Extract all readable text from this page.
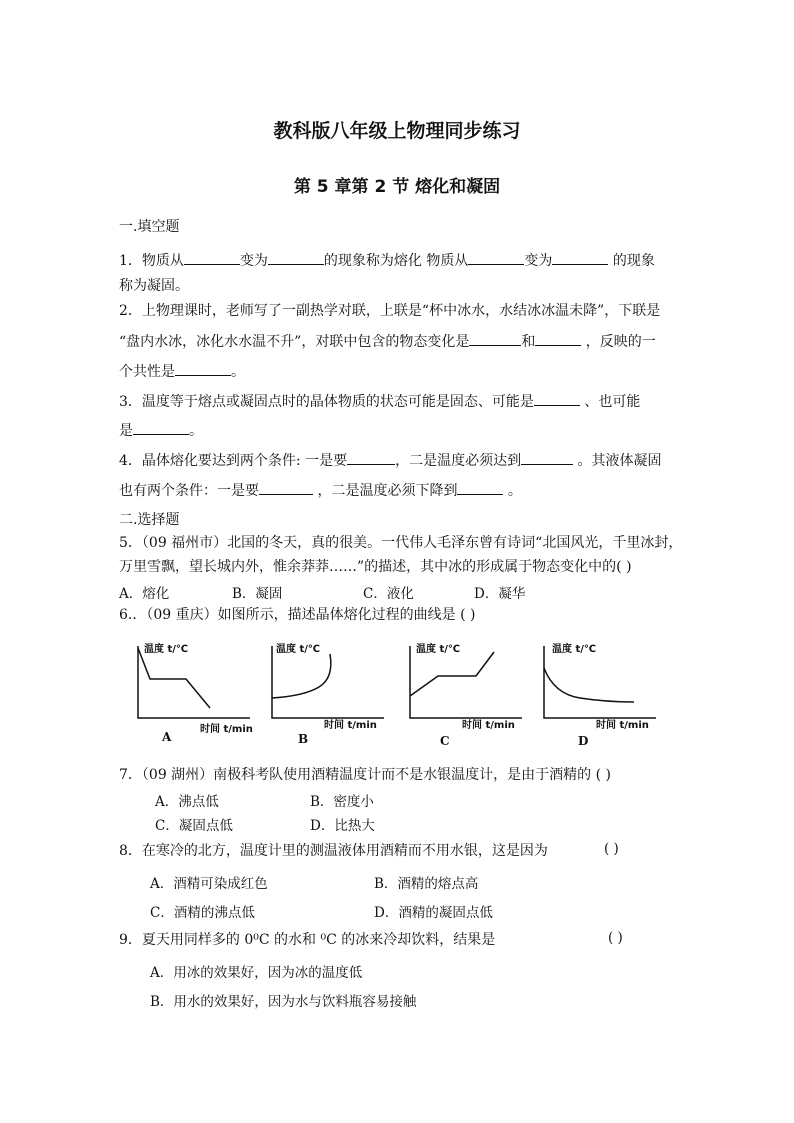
教科版八年级上物理同步练习
第 5 章第 2 节 熔化和凝固
一.填空题
1．物质从	变为	的现象称为熔化 物质从	变为	的现象
称为凝固。
2．上物理课时，老师写了一副热学对联，上联是“杯中冰水，水结冰冰温未降”，下联是
“盘内水冰，冰化水水温不升”，对联中包含的物态变化是	和	，反映的一
个共性是	。
3．温度等于熔点或凝固点时的晶体物质的状态可能是固态、可能是	、也可能
是	。
4．晶体熔化要达到两个条件: 一是要	，二是温度必须达到	。其液体凝固
也有两个条件：一是要	，二是温度必须下降到	。
二.选择题
5．（09 福州市）北国的冬天，真的很美。一代伟人毛泽东曾有诗词“北国风光，千里冰封，
万里雪飘，望长城内外，惟余莽莽……”的描述，其中冰的形成属于物态变化中的( )
A．熔化	B．凝固	C．液化	D．凝华
6.．（09 重庆）如图所示，描述晶体熔化过程的曲线是 ( )
温度 t/℃
时间 t/min
A
温度 t/℃
时间 t/min
B
温度 t/℃
时间 t/min
C
温度 t/℃
时间 t/min
D
7．（09 湖州）南极科考队使用酒精温度计而不是水银温度计，是由于酒精的 ( )
A．沸点低	B．密度小
C．凝固点低	D．比热大
8．在寒冷的北方，温度计里的测温液体用酒精而不用水银，这是因为	( )
A．酒精可染成红色	B．酒精的熔点高
C．酒精的沸点低	D．酒精的凝固点低
9．夏天用同样多的 0⁰C 的水和 ⁰C 的冰来冷却饮料，结果是	( )
A．用冰的效果好，因为冰的温度低
B．用水的效果好，因为水与饮料瓶容易接触
